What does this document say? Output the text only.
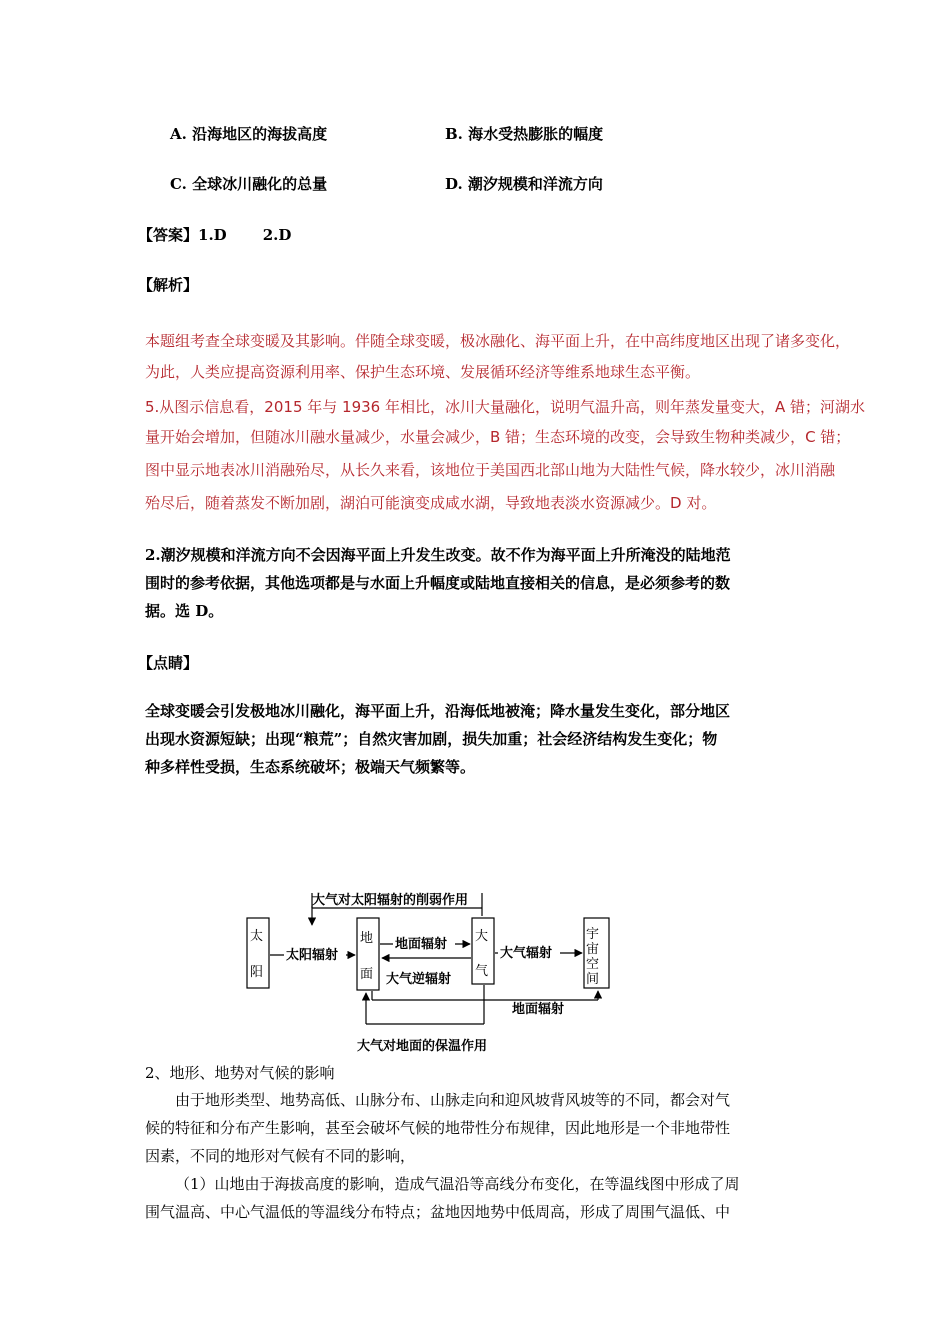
A. 沿海地区的海拔高度	B. 海水受热膨胀的幅度
C. 全球冰川融化的总量	D. 潮汐规模和洋流方向
【答案】1.D 2.D
【解析】
本题组考查全球变暖及其影响。伴随全球变暖，极冰融化、海平面上升，在中高纬度地区出现了诸多变化，
为此，人类应提高资源利用率、保护生态环境、发展循环经济等维系地球生态平衡。
5.从图示信息看，2015 年与 1936 年相比，冰川大量融化，说明气温升高，则年蒸发量变大，A 错；河湖水
量开始会增加，但随冰川融水量减少，水量会减少，B 错；生态环境的改变，会导致生物种类减少，C 错；
图中显示地表冰川消融殆尽，从长久来看，该地位于美国西北部山地为大陆性气候，降水较少，冰川消融
殆尽后，随着蒸发不断加剧，湖泊可能演变成咸水湖，导致地表淡水资源减少。D 对。
2.潮汐规模和洋流方向不会因海平面上升发生改变。故不作为海平面上升所淹没的陆地范
围时的参考依据，其他选项都是与水面上升幅度或陆地直接相关的信息，是必须参考的数
据。选 D。
【点睛】
全球变暖会引发极地冰川融化，海平面上升，沿海低地被淹；降水量发生变化，部分地区
出现水资源短缺；出现“粮荒”；自然灾害加剧，损失加重；社会经济结构发生变化；物
种多样性受损，生态系统破坏；极端天气频繁等。
太
阳
地
面
大
气
宇
宙
空
间
大气对太阳辐射的削弱作用
太阳辐射
地面辐射
大气逆辐射
大气辐射
地面辐射
大气对地面的保温作用
2、地形、地势对气候的影响
由于地形类型、地势高低、山脉分布、山脉走向和迎风坡背风坡等的不同，都会对气
候的特征和分布产生影响，甚至会破坏气候的地带性分布规律，因此地形是一个非地带性
因素，不同的地形对气候有不同的影响，
（1）山地由于海拔高度的影响，造成气温沿等高线分布变化，在等温线图中形成了周
围气温高、中心气温低的等温线分布特点；盆地因地势中低周高，形成了周围气温低、中
